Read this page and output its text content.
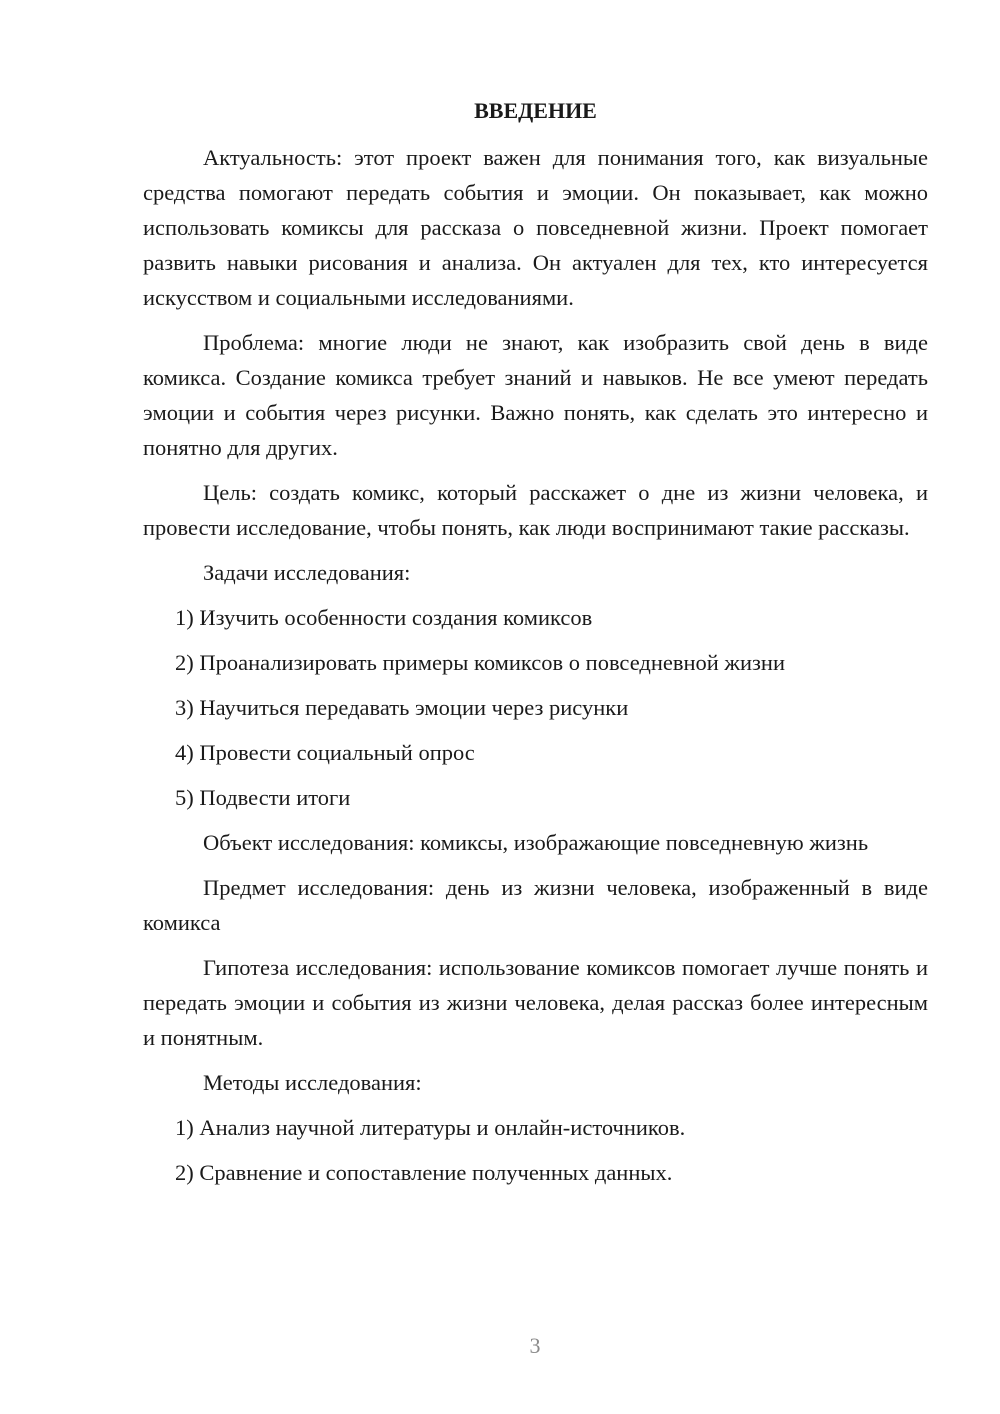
ВВЕДЕНИЕ

Актуальность: этот проект важен для понимания того, как визуальные средства помогают передать события и эмоции. Он показывает, как можно использовать комиксы для рассказа о повседневной жизни. Проект помогает развить навыки рисования и анализа. Он актуален для тех, кто интересуется искусством и социальными исследованиями.

Проблема: многие люди не знают, как изобразить свой день в виде комикса. Создание комикса требует знаний и навыков. Не все умеют передать эмоции и события через рисунки. Важно понять, как сделать это интересно и понятно для других.

Цель: создать комикс, который расскажет о дне из жизни человека, и провести исследование, чтобы понять, как люди воспринимают такие рассказы.

Задачи исследования:

1) Изучить особенности создания комиксов
2) Проанализировать примеры комиксов о повседневной жизни
3) Научиться передавать эмоции через рисунки
4) Провести социальный опрос
5) Подвести итоги

Объект исследования: комиксы, изображающие повседневную жизнь

Предмет исследования: день из жизни человека, изображенный в виде комикса

Гипотеза исследования: использование комиксов помогает лучше понять и передать эмоции и события из жизни человека, делая рассказ более интересным и понятным.

Методы исследования:

1) Анализ научной литературы и онлайн-источников.
2) Сравнение и сопоставление полученных данных.
3
